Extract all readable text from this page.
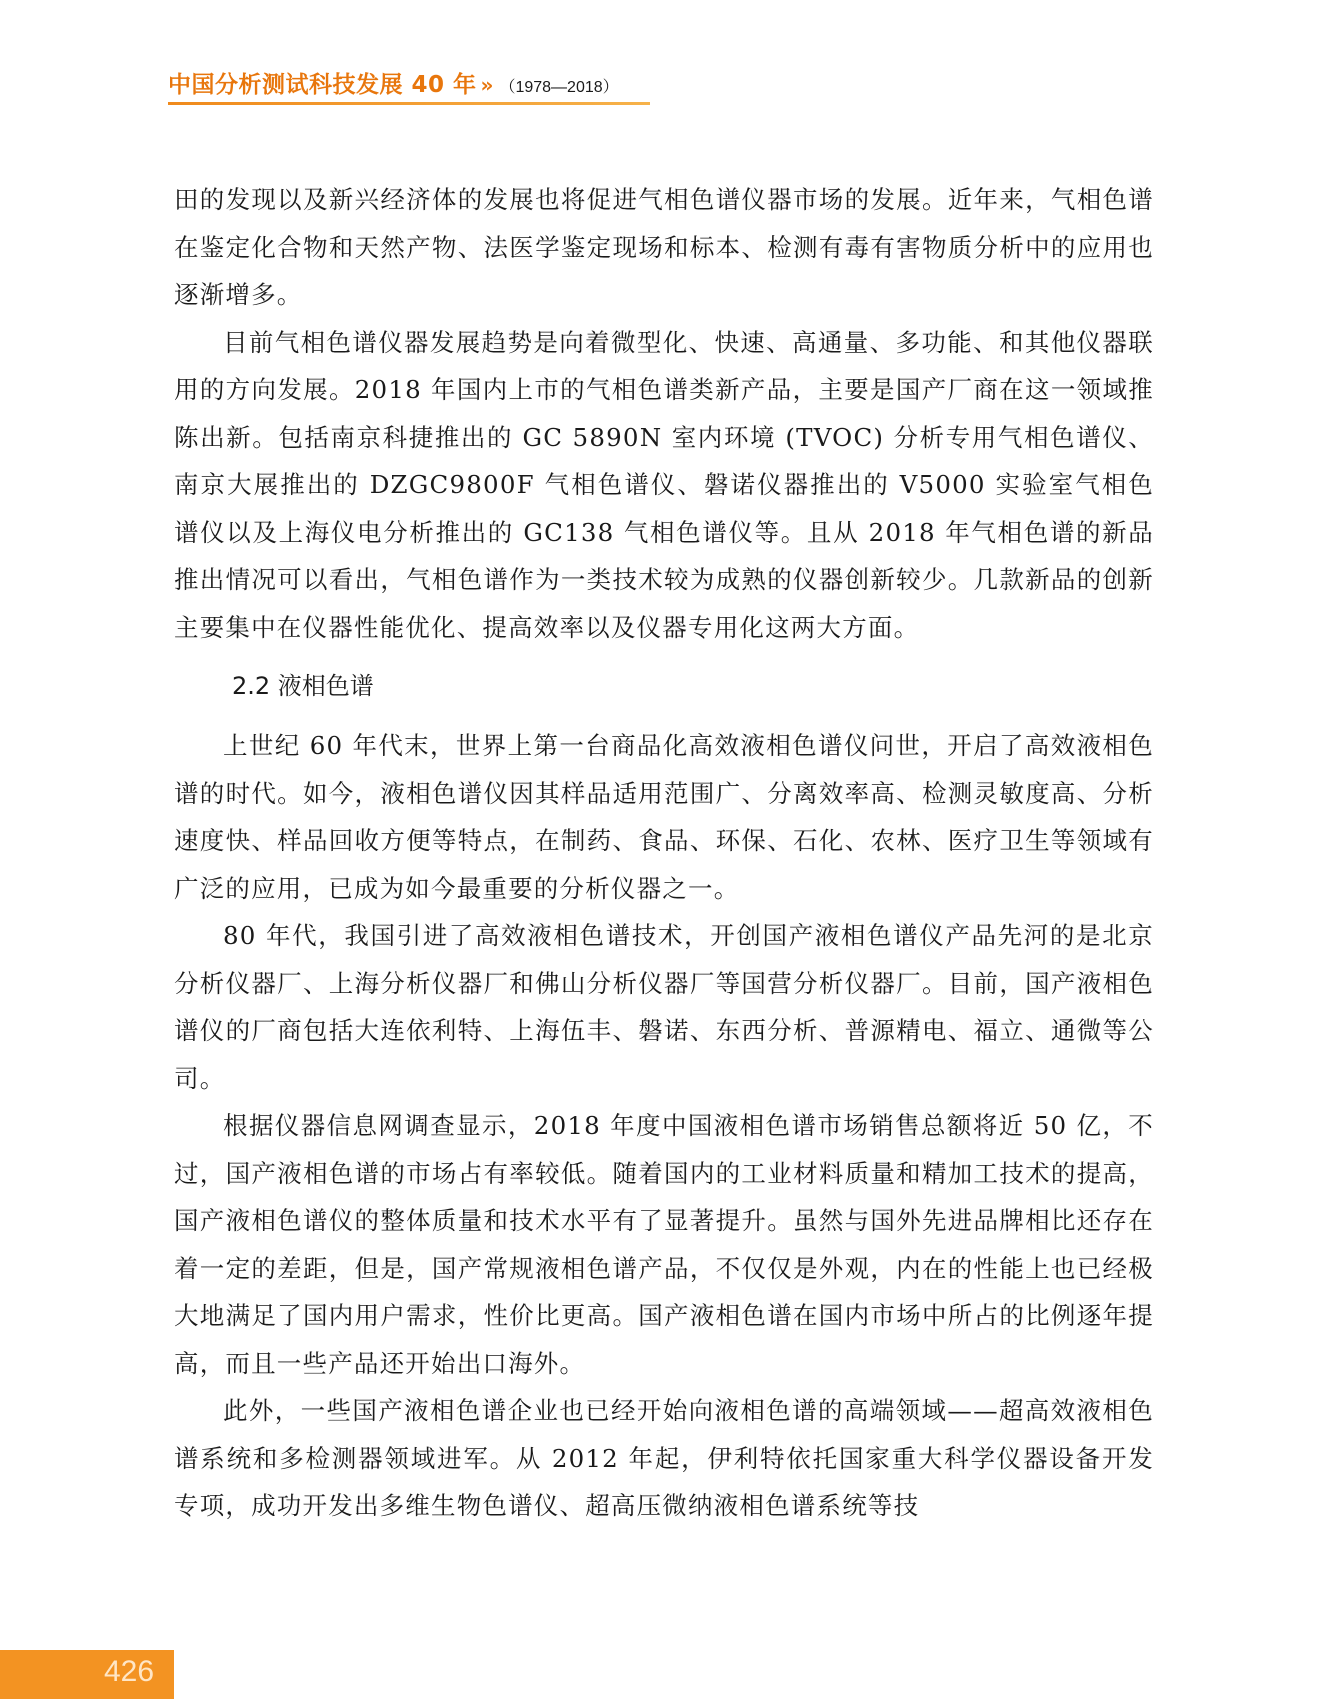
中国分析测试科技发展 40 年 » （1978—2018）

田的发现以及新兴经济体的发展也将促进气相色谱仪器市场的发展。近年来，气相色谱在鉴定化合物和天然产物、法医学鉴定现场和标本、检测有毒有害物质分析中的应用也逐渐增多。

目前气相色谱仪器发展趋势是向着微型化、快速、高通量、多功能、和其他仪器联用的方向发展。2018 年国内上市的气相色谱类新产品，主要是国产厂商在这一领域推陈出新。包括南京科捷推出的 GC 5890N 室内环境 (TVOC) 分析专用气相色谱仪、南京大展推出的 DZGC9800F 气相色谱仪、磐诺仪器推出的 V5000 实验室气相色谱仪以及上海仪电分析推出的 GC138 气相色谱仪等。且从 2018 年气相色谱的新品推出情况可以看出，气相色谱作为一类技术较为成熟的仪器创新较少。几款新品的创新主要集中在仪器性能优化、提高效率以及仪器专用化这两大方面。

2.2 液相色谱

上世纪 60 年代末，世界上第一台商品化高效液相色谱仪问世，开启了高效液相色谱的时代。如今，液相色谱仪因其样品适用范围广、分离效率高、检测灵敏度高、分析速度快、样品回收方便等特点，在制药、食品、环保、石化、农林、医疗卫生等领域有广泛的应用，已成为如今最重要的分析仪器之一。

80 年代，我国引进了高效液相色谱技术，开创国产液相色谱仪产品先河的是北京分析仪器厂、上海分析仪器厂和佛山分析仪器厂等国营分析仪器厂。目前，国产液相色谱仪的厂商包括大连依利特、上海伍丰、磐诺、东西分析、普源精电、福立、通微等公司。

根据仪器信息网调查显示，2018 年度中国液相色谱市场销售总额将近 50 亿，不过，国产液相色谱的市场占有率较低。随着国内的工业材料质量和精加工技术的提高，国产液相色谱仪的整体质量和技术水平有了显著提升。虽然与国外先进品牌相比还存在着一定的差距，但是，国产常规液相色谱产品，不仅仅是外观，内在的性能上也已经极大地满足了国内用户需求，性价比更高。国产液相色谱在国内市场中所占的比例逐年提高，而且一些产品还开始出口海外。

此外，一些国产液相色谱企业也已经开始向液相色谱的高端领域——超高效液相色谱系统和多检测器领域进军。从 2012 年起，伊利特依托国家重大科学仪器设备开发专项，成功开发出多维生物色谱仪、超高压微纳液相色谱系统等技

426
